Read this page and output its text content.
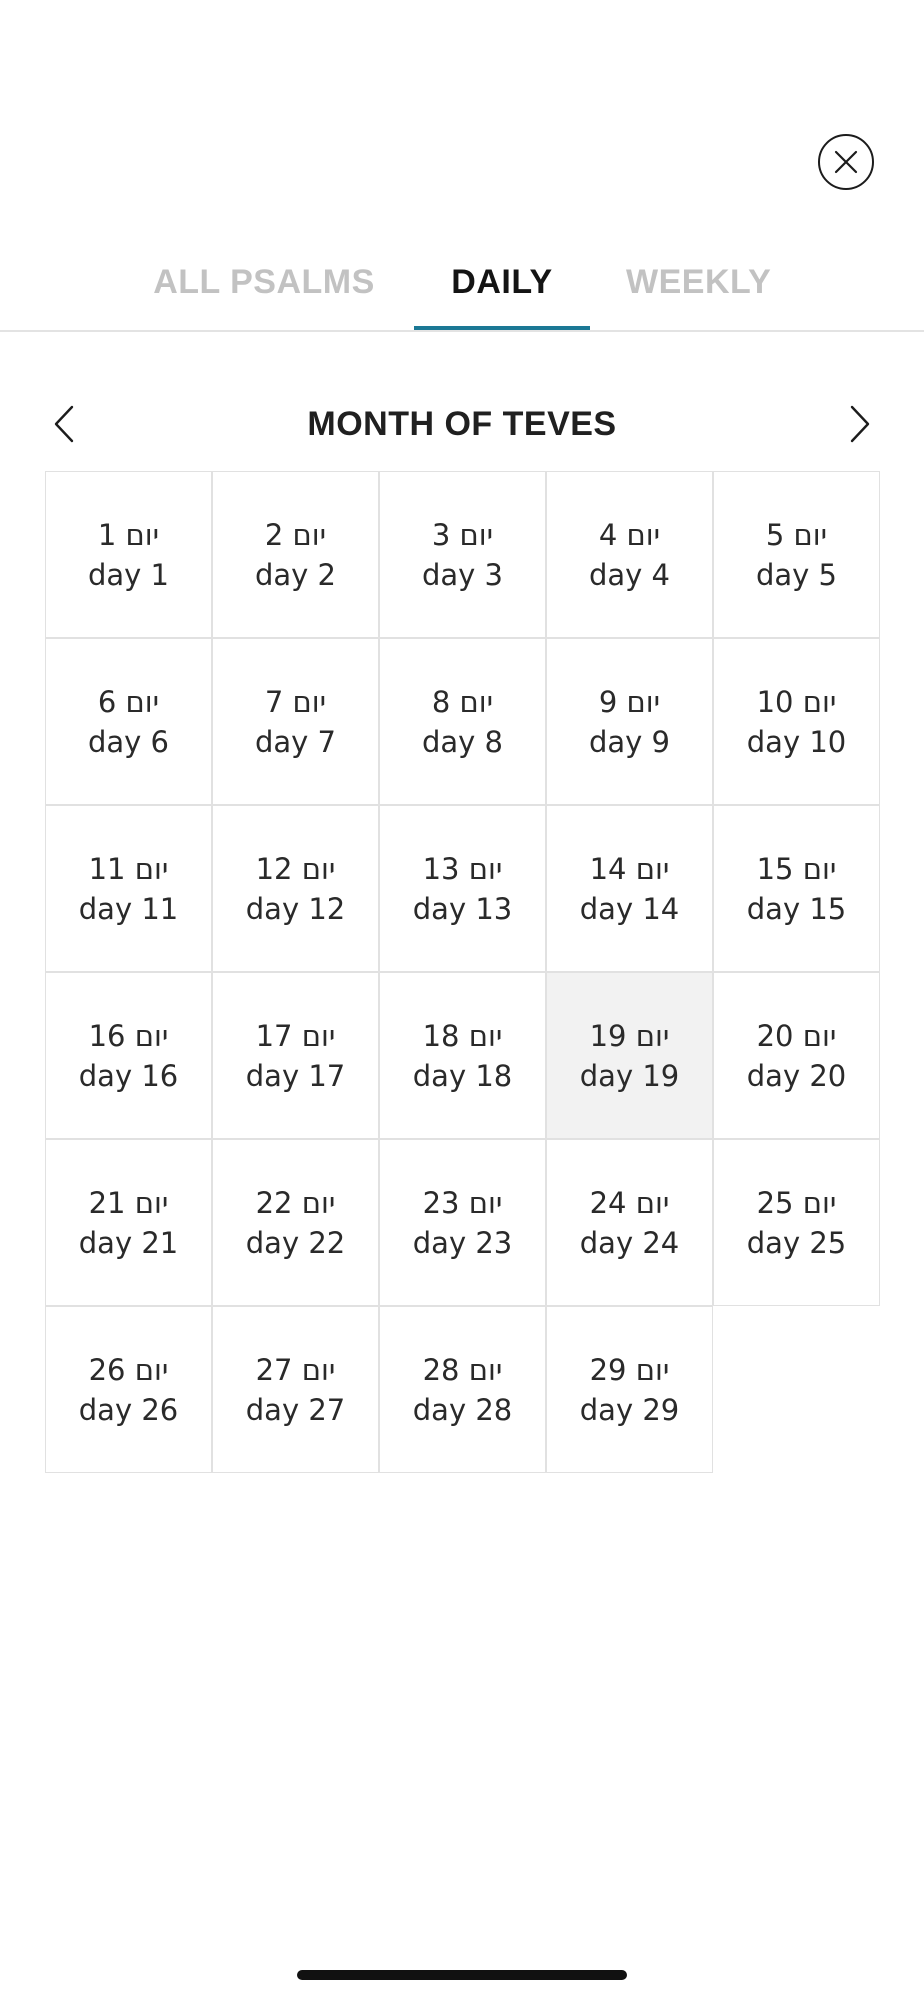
ALL PSALMS	DAILY	WEEKLY
MONTH OF TEVES
1 יום
day 1
2 יום
day 2
3 יום
day 3
4 יום
day 4
5 יום
day 5
6 יום
day 6
7 יום
day 7
8 יום
day 8
9 יום
day 9
10 יום
day 10
11 יום
day 11
12 יום
day 12
13 יום
day 13
14 יום
day 14
15 יום
day 15
16 יום
day 16
17 יום
day 17
18 יום
day 18
19 יום
day 19
20 יום
day 20
21 יום
day 21
22 יום
day 22
23 יום
day 23
24 יום
day 24
25 יום
day 25
26 יום
day 26
27 יום
day 27
28 יום
day 28
29 יום
day 29
